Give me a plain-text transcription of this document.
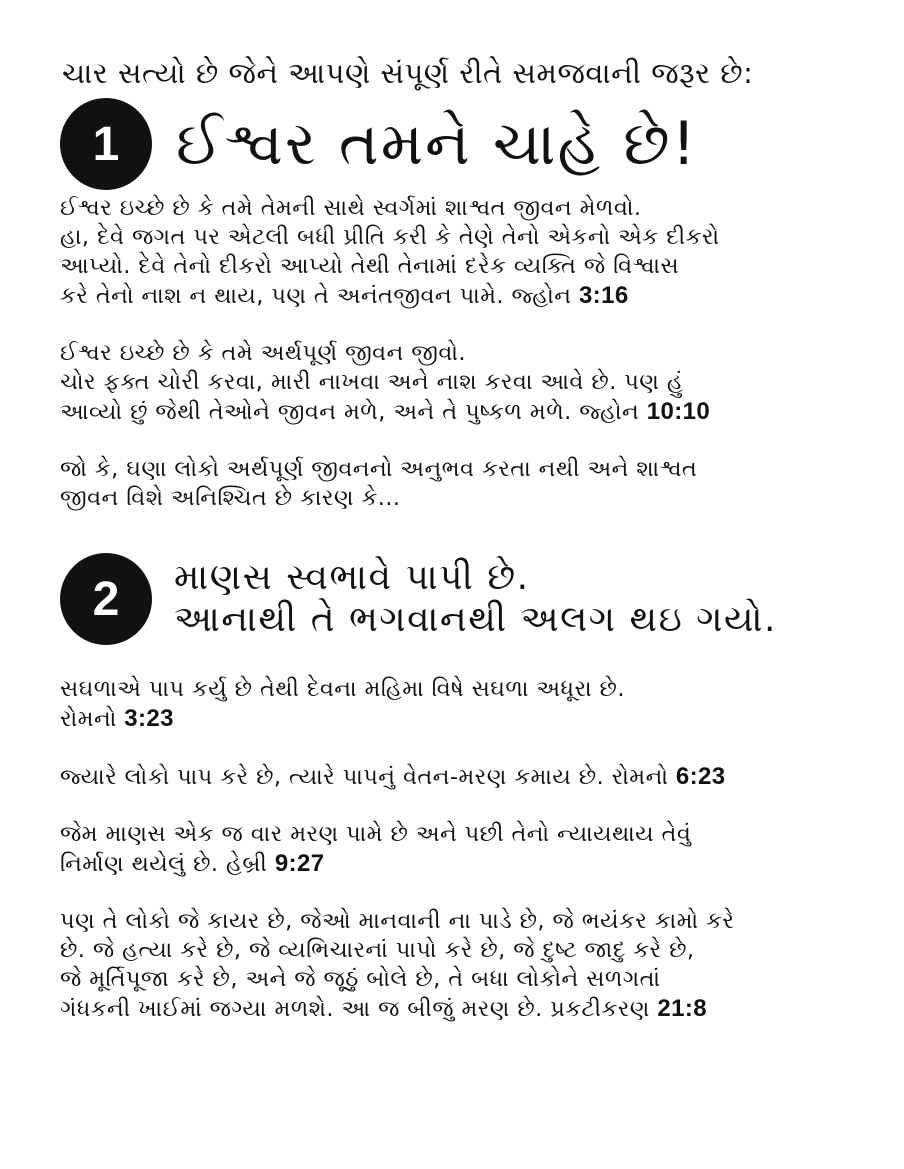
ચાર સત્યો છે જેને આપણે સંપૂર્ણ રીતે સમજવાની જરૂર છે:
1 ઈશ્વર તમને ચાહે છે!

ઈશ્વર ઇચ્છે છે કે તમે તેમની સાથે સ્વર્ગમાં શાશ્વત જીવન મેળવો.
હા, દેવે જગત પર એટલી બધી પ્રીતિ કરી કે તેણે તેનો એકનો એક દીકરો
આપ્યો. દેવે તેનો દીકરો આપ્યો તેથી તેનામાં દરેક વ્યક્તિ જે વિશ્વાસ
કરે તેનો નાશ ન થાય, પણ તે અનંતજીવન પામે. જ્હોન 3:16

ઈશ્વર ઇચ્છે છે કે તમે અર્થપૂર્ણ જીવન જીવો.
ચોર ફક્ત ચોરી કરવા, મારી નાખવા અને નાશ કરવા આવે છે. પણ હું
આવ્યો છું જેથી તેઓને જીવન મળે, અને તે પુષ્કળ મળે. જ્હોન 10:10

જો કે, ઘણા લોકો અર્થપૂર્ણ જીવનનો અનુભવ કરતા નથી અને શાશ્વત
જીવન વિશે અનિશ્ચિત છે કારણ કે...

2	માણસ સ્વભાવે પાપી છે.
આનાથી તે ભગવાનથી અલગ થઇ ગયો.

સઘળાએ પાપ કર્યુ છે તેથી દેવના મહિમા વિષે સઘળા અધૂરા છે.
રોમનો 3:23

જ્યારે લોકો પાપ કરે છે, ત્યારે પાપનું વેતન-મરણ કમાય છે. રોમનો 6:23

જેમ માણસ એક જ વાર મરણ પામે છે અને પછી તેનો ન્યાયથાય તેવું
નિર્માણ થયેલું છે. હેબ્રી 9:27

પણ તે લોકો જે કાયર છે, જેઓ માનવાની ના પાડે છે, જે ભયંકર કામો કરે
છે. જે હત્યા કરે છે, જે વ્યભિચારનાં પાપો કરે છે, જે દુષ્ટ જાદુ કરે છે,
જે મૂર્તિપૂજા કરે છે, અને જે જૂઠું બોલે છે, તે બધા લોકોને સળગતાં
ગંધકની ખાઈમાં જગ્યા મળશે. આ જ બીજું મરણ છે. પ્રકટીકરણ 21:8
